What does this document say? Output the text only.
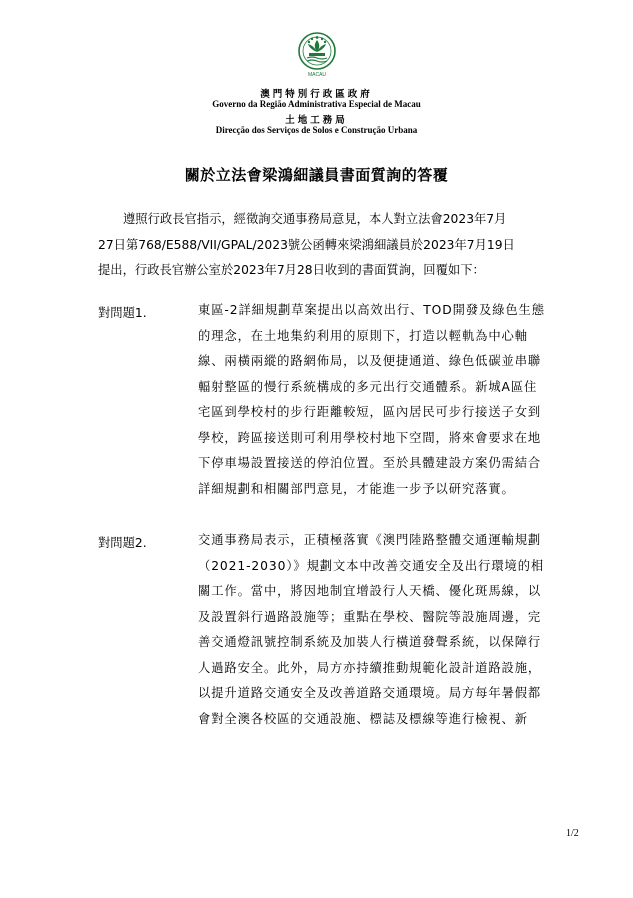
MACAU
澳門特別行政區政府
Governo da Região Administrativa Especial de Macau
土地工務局
Direcção dos Serviços de Solos e Construção Urbana
關於立法會梁鴻細議員書面質詢的答覆
遵照行政長官指示，經徵詢交通事務局意見，本人對立法會2023年7月
27日第768/E588/VII/GPAL/2023號公函轉來梁鴻細議員於2023年7月19日
提出，行政長官辦公室於2023年7月28日收到的書面質詢，回覆如下：
對問題1.	東區-2詳細規劃草案提出以高效出行、TOD開發及綠色生態
的理念，在土地集約利用的原則下，打造以輕軌為中心軸
線、兩橫兩縱的路網佈局，以及便捷通道、綠色低碳並串聯
輻射整區的慢行系統構成的多元出行交通體系。新城A區住
宅區到學校村的步行距離較短，區內居民可步行接送子女到
學校，跨區接送則可利用學校村地下空間，將來會要求在地
下停車場設置接送的停泊位置。至於具體建設方案仍需結合
詳細規劃和相關部門意見，才能進一步予以研究落實。
對問題2.	交通事務局表示，正積極落實《澳門陸路整體交通運輸規劃
（2021-2030）》規劃文本中改善交通安全及出行環境的相
關工作。當中，將因地制宜增設行人天橋、優化斑馬線，以
及設置斜行過路設施等；重點在學校、醫院等設施周邊，完
善交通燈訊號控制系統及加裝人行橫道發聲系統，以保障行
人過路安全。此外，局方亦持續推動規範化設計道路設施，
以提升道路交通安全及改善道路交通環境。局方每年暑假都
會對全澳各校區的交通設施、標誌及標線等進行檢視、新
1/2
